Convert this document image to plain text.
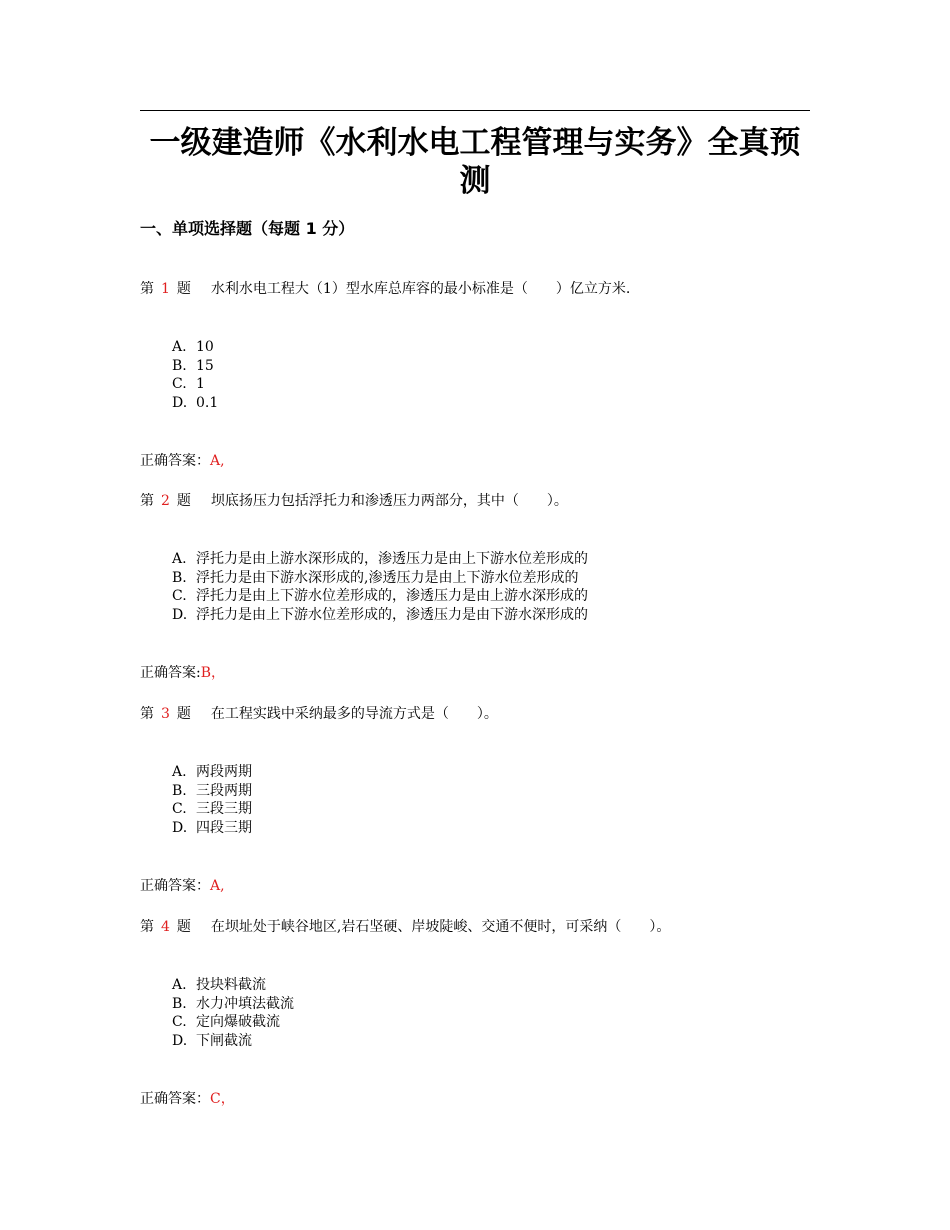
一级建造师《水利水电工程管理与实务》全真预测
一、单项选择题（每题 1 分）
第 1 题 水利水电工程大（1）型水库总库容的最小标准是（　　）亿立方米.
A. 10
B. 15
C. 1
D. 0.1
正确答案：A,
第 2 题 坝底扬压力包括浮托力和渗透压力两部分，其中（　　）。
A. 浮托力是由上游水深形成的，渗透压力是由上下游水位差形成的
B. 浮托力是由下游水深形成的,渗透压力是由上下游水位差形成的
C. 浮托力是由上下游水位差形成的，渗透压力是由上游水深形成的
D. 浮托力是由上下游水位差形成的，渗透压力是由下游水深形成的
正确答案:B，
第 3 题 在工程实践中采纳最多的导流方式是（　　）。
A. 两段两期
B. 三段两期
C. 三段三期
D. 四段三期
正确答案：A,
第 4 题 在坝址处于峡谷地区,岩石坚硬、岸坡陡峻、交通不便时，可采纳（　　）。
A. 投块料截流
B. 水力冲填法截流
C. 定向爆破截流
D. 下闸截流
正确答案：C，
